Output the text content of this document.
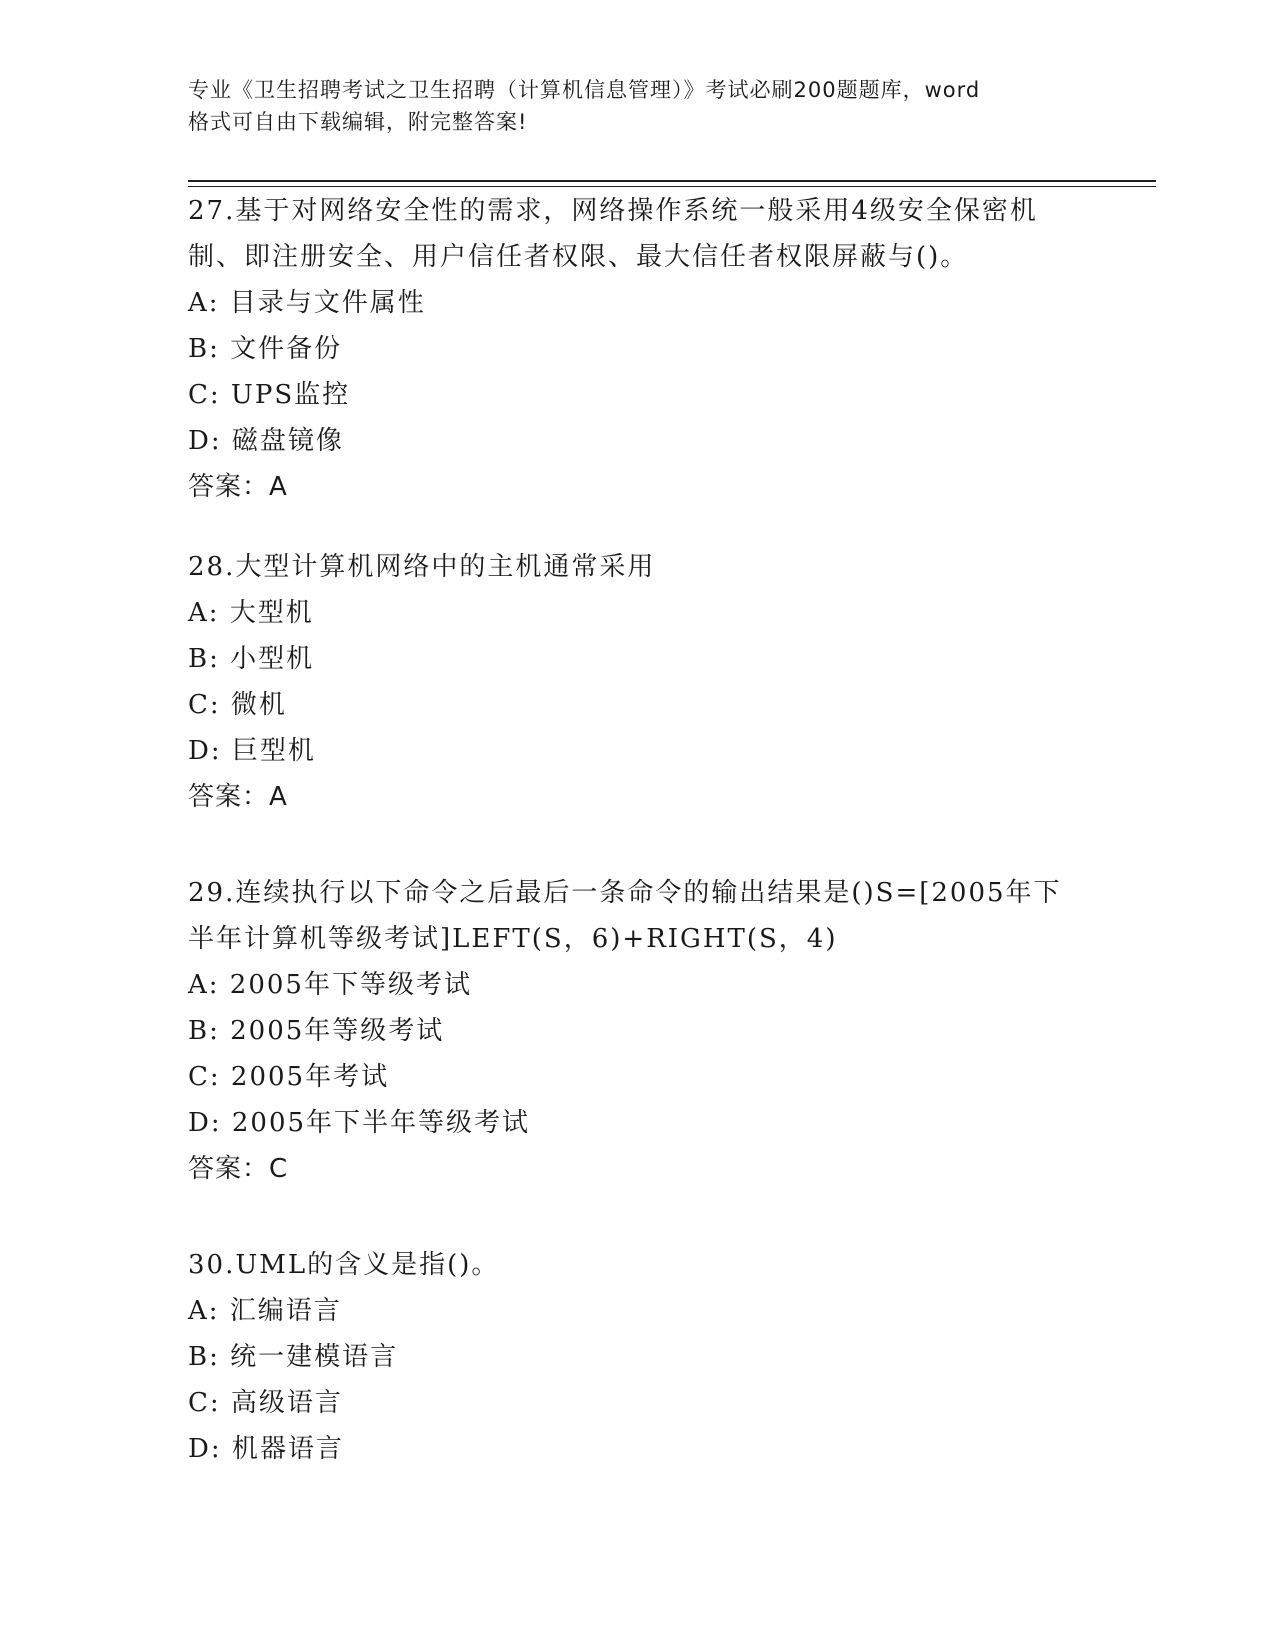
专业《卫生招聘考试之卫生招聘（计算机信息管理）》考试必刷200题题库，word
格式可自由下载编辑，附完整答案!
27.基于对网络安全性的需求，网络操作系统一般采用4级安全保密机制、即注册安全、用户信任者权限、最大信任者权限屏蔽与()。
A: 目录与文件属性
B: 文件备份
C: UPS监控
D: 磁盘镜像
答案：A
28.大型计算机网络中的主机通常采用
A: 大型机
B: 小型机
C: 微机
D: 巨型机
答案：A
29.连续执行以下命令之后最后一条命令的输出结果是()S=[2005年下半年计算机等级考试]LEFT(S，6)+RIGHT(S，4)
A: 2005年下等级考试
B: 2005年等级考试
C: 2005年考试
D: 2005年下半年等级考试
答案：C
30.UML的含义是指()。
A: 汇编语言
B: 统一建模语言
C: 高级语言
D: 机器语言
